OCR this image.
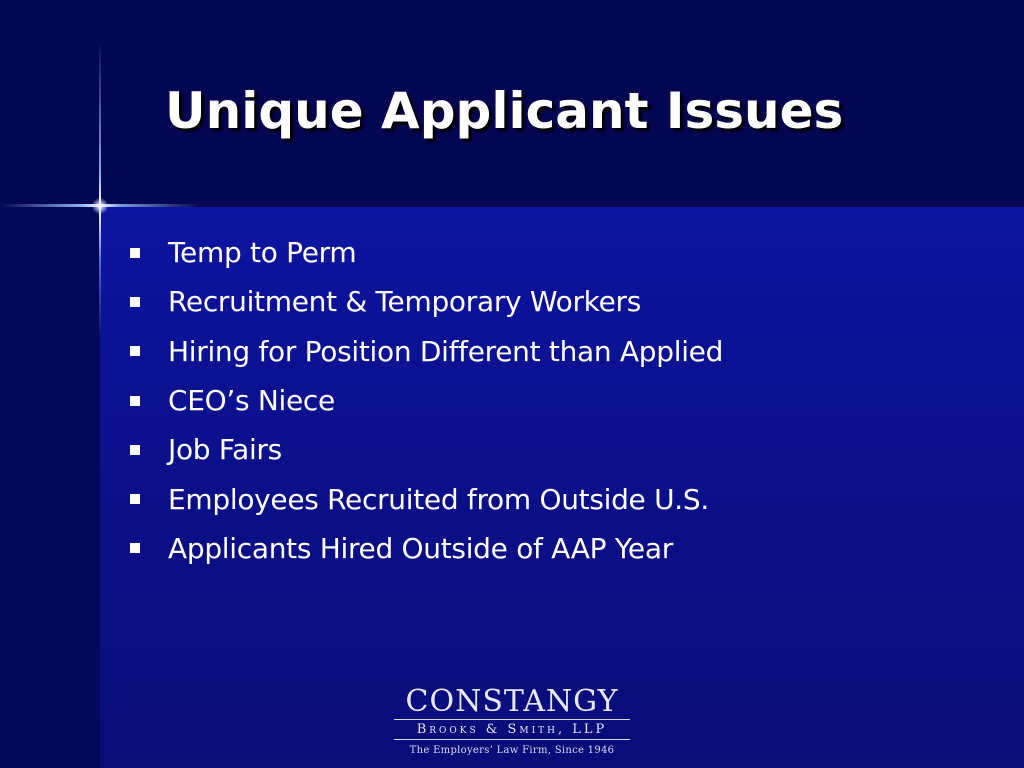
Unique Applicant Issues
Temp to Perm
Recruitment & Temporary Workers
Hiring for Position Different than Applied
CEO’s Niece
Job Fairs
Employees Recruited from Outside U.S.
Applicants Hired Outside of AAP Year
CONSTANGY
Brooks & Smith, LLP
The Employers’ Law Firm, Since 1946
